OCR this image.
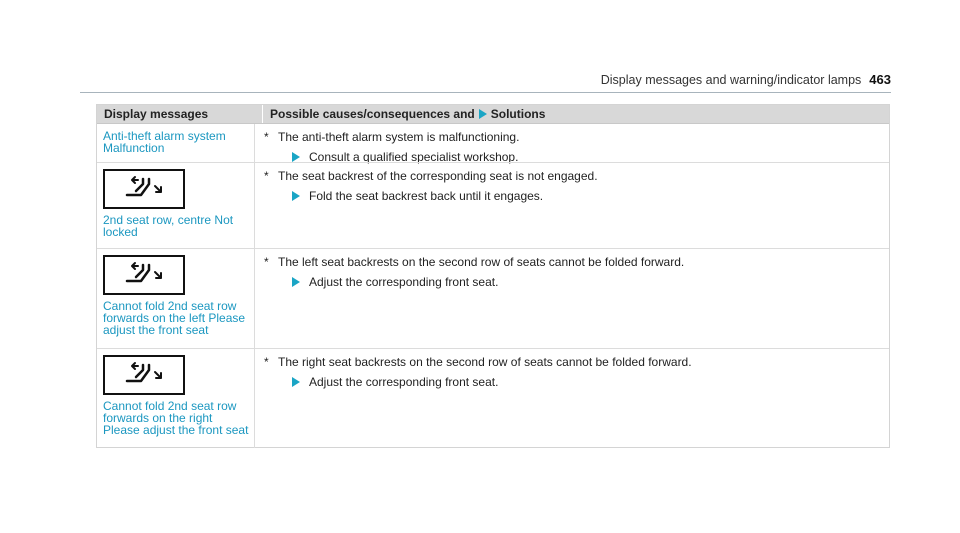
Display messages and warning/indicator lamps 463
Display messages	Possible causes/consequences and Solutions
Anti-theft alarm system
Malfunction
* The anti-theft alarm system is malfunctioning.
Consult a qualified specialist workshop.
2nd seat row, centre Not
locked
* The seat backrest of the corresponding seat is not engaged.
Fold the seat backrest back until it engages.
Cannot fold 2nd seat row
forwards on the left Please
adjust the front seat
* The left seat backrests on the second row of seats cannot be folded forward.
Adjust the corresponding front seat.
Cannot fold 2nd seat row
forwards on the right
Please adjust the front seat
* The right seat backrests on the second row of seats cannot be folded forward.
Adjust the corresponding front seat.
